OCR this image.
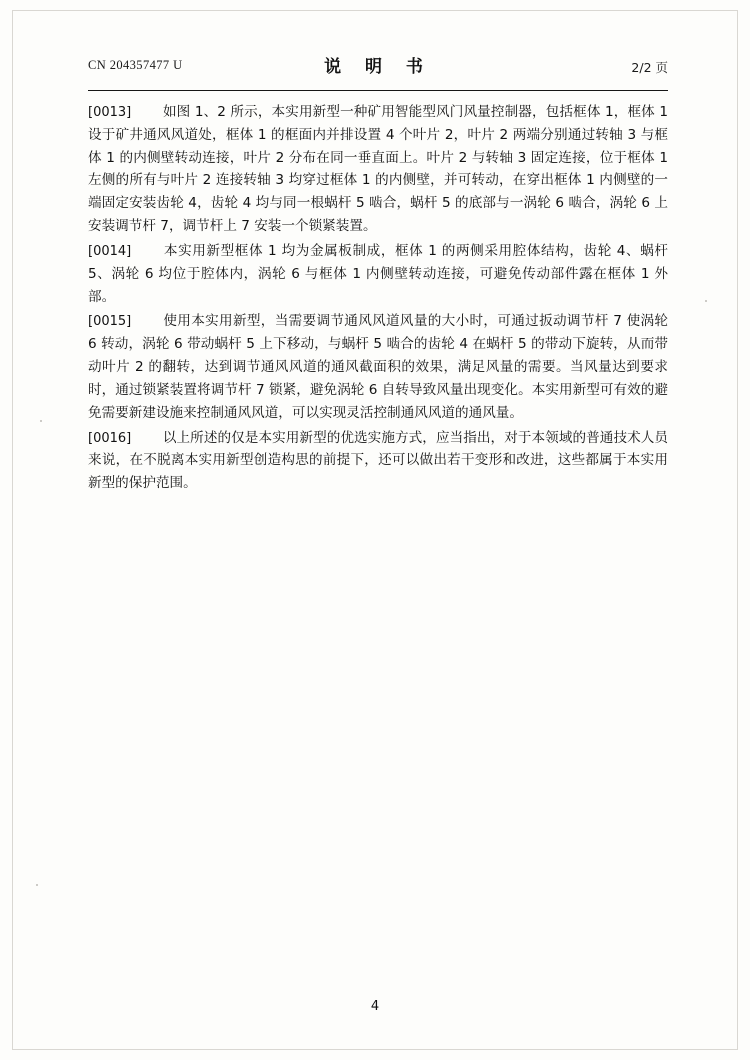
CN 204357477 U	说 明 书	2/2 页

[0013] 如图 1、2 所示，本实用新型一种矿用智能型风门风量控制器，包括框体 1，框体 1 设于矿井通风风道处，框体 1 的框面内并排设置 4 个叶片 2，叶片 2 两端分别通过转轴 3 与框体 1 的内侧壁转动连接，叶片 2 分布在同一垂直面上。叶片 2 与转轴 3 固定连接，位于框体 1 左侧的所有与叶片 2 连接转轴 3 均穿过框体 1 的内侧壁，并可转动，在穿出框体 1 内侧壁的一端固定安装齿轮 4，齿轮 4 均与同一根蜗杆 5 啮合，蜗杆 5 的底部与一涡轮 6 啮合，涡轮 6 上安装调节杆 7，调节杆上 7 安装一个锁紧装置。

[0014] 本实用新型框体 1 均为金属板制成，框体 1 的两侧采用腔体结构，齿轮 4、蜗杆 5、涡轮 6 均位于腔体内，涡轮 6 与框体 1 内侧壁转动连接，可避免传动部件露在框体 1 外部。

[0015] 使用本实用新型，当需要调节通风风道风量的大小时，可通过扳动调节杆 7 使涡轮 6 转动，涡轮 6 带动蜗杆 5 上下移动，与蜗杆 5 啮合的齿轮 4 在蜗杆 5 的带动下旋转，从而带动叶片 2 的翻转，达到调节通风风道的通风截面积的效果，满足风量的需要。当风量达到要求时，通过锁紧装置将调节杆 7 锁紧，避免涡轮 6 自转导致风量出现变化。本实用新型可有效的避免需要新建设施来控制通风风道，可以实现灵活控制通风风道的通风量。

[0016] 以上所述的仅是本实用新型的优选实施方式，应当指出，对于本领域的普通技术人员来说，在不脱离本实用新型创造构思的前提下，还可以做出若干变形和改进，这些都属于本实用新型的保护范围。

4
